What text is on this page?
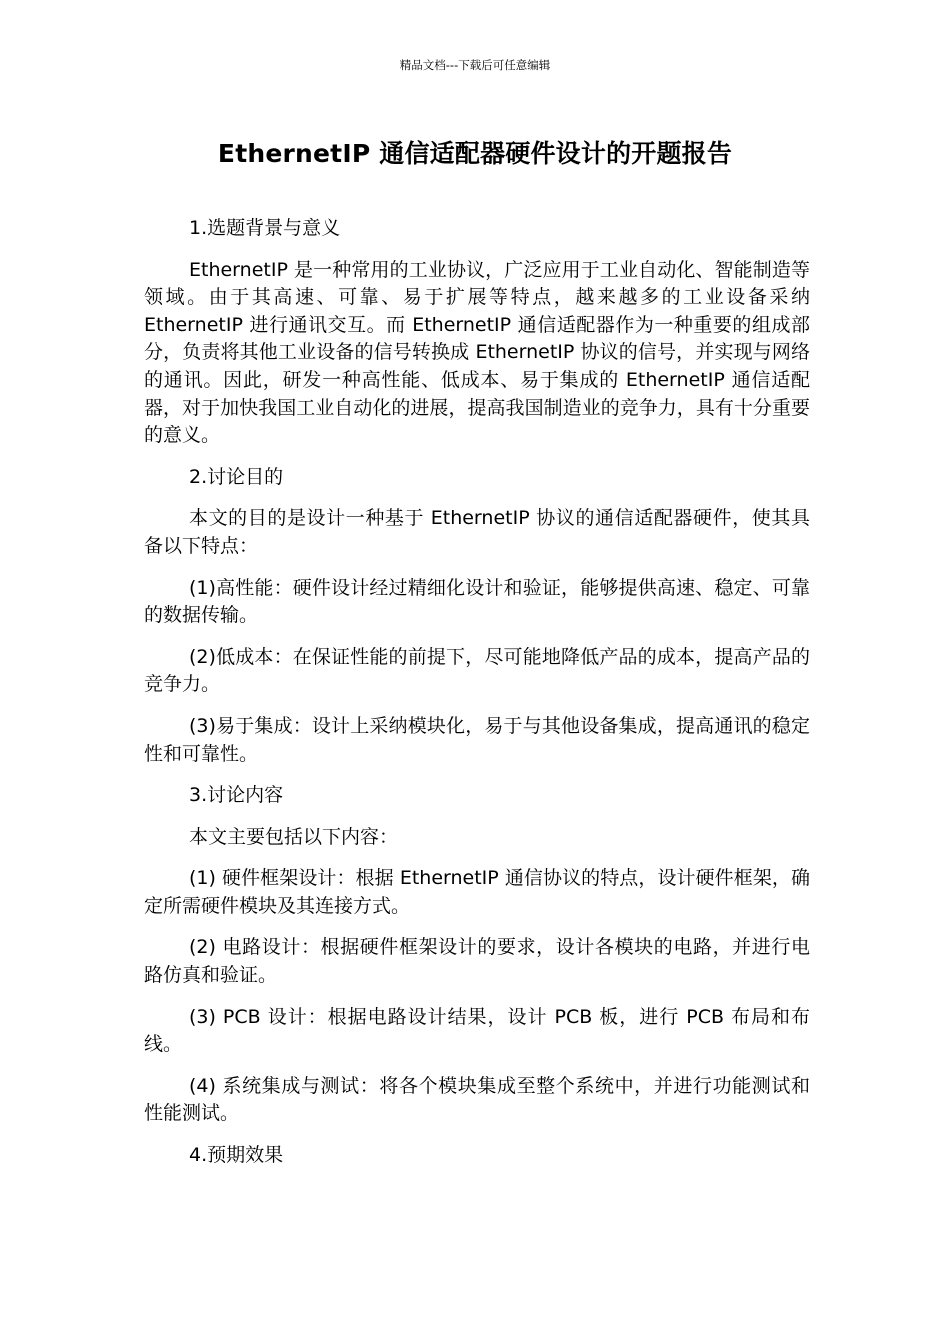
精品文档---下载后可任意编辑
EthernetIP 通信适配器硬件设计的开题报告

1.选题背景与意义

EthernetIP 是一种常用的工业协议，广泛应用于工业自动化、智能制造等领域。由于其高速、可靠、易于扩展等特点，越来越多的工业设备采纳 EthernetIP 进行通讯交互。而 EthernetIP 通信适配器作为一种重要的组成部分，负责将其他工业设备的信号转换成 EthernetIP 协议的信号，并实现与网络的通讯。因此，研发一种高性能、低成本、易于集成的 EthernetIP 通信适配器，对于加快我国工业自动化的进展，提高我国制造业的竞争力，具有十分重要的意义。

2.讨论目的

本文的目的是设计一种基于 EthernetIP 协议的通信适配器硬件，使其具备以下特点：

(1)高性能：硬件设计经过精细化设计和验证，能够提供高速、稳定、可靠的数据传输。

(2)低成本：在保证性能的前提下，尽可能地降低产品的成本，提高产品的竞争力。

(3)易于集成：设计上采纳模块化，易于与其他设备集成，提高通讯的稳定性和可靠性。

3.讨论内容

本文主要包括以下内容：

(1) 硬件框架设计：根据 EthernetIP 通信协议的特点，设计硬件框架，确定所需硬件模块及其连接方式。

(2) 电路设计：根据硬件框架设计的要求，设计各模块的电路，并进行电路仿真和验证。

(3) PCB 设计：根据电路设计结果，设计 PCB 板，进行 PCB 布局和布线。

(4) 系统集成与测试：将各个模块集成至整个系统中，并进行功能测试和性能测试。

4.预期效果
